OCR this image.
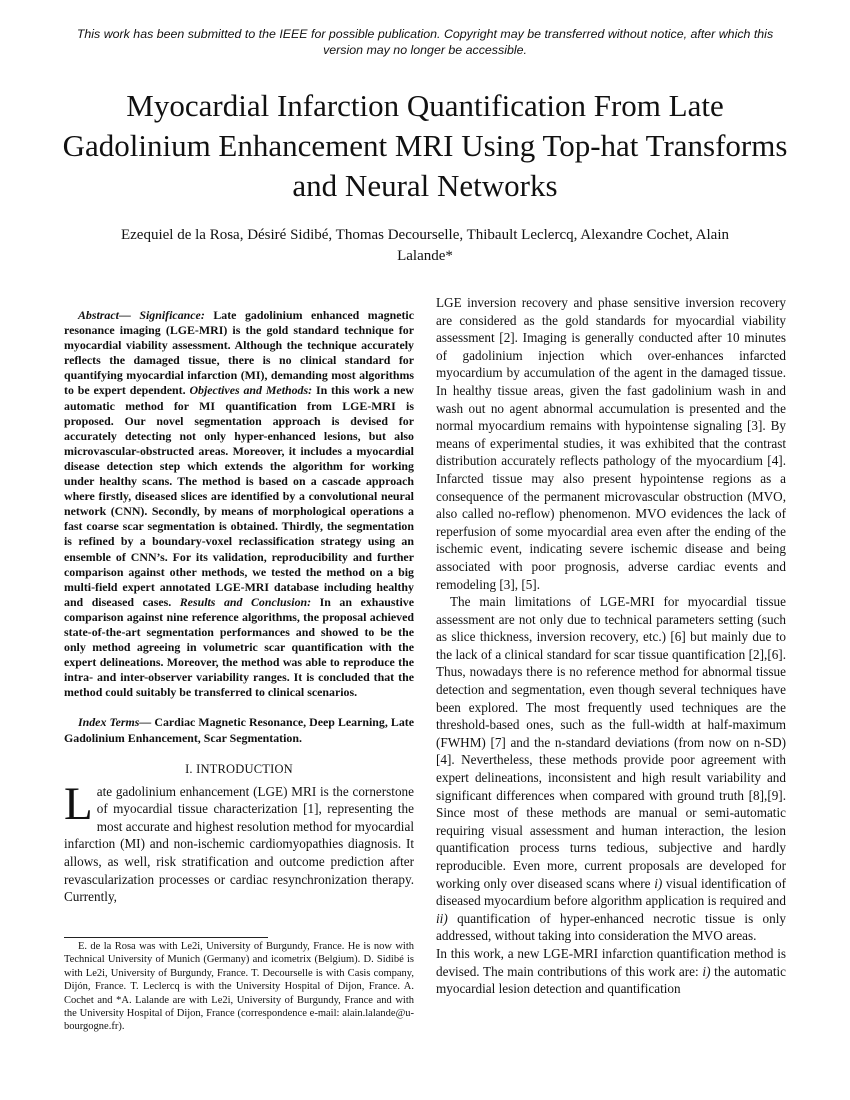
This work has been submitted to the IEEE for possible publication. Copyright may be transferred without notice, after which this version may no longer be accessible.
Myocardial Infarction Quantification From Late Gadolinium Enhancement MRI Using Top-hat Transforms and Neural Networks
Ezequiel de la Rosa, Désiré Sidibé, Thomas Decourselle, Thibault Leclercq, Alexandre Cochet, Alain Lalande*

Abstract— Significance: Late gadolinium enhanced magnetic resonance imaging (LGE-MRI) is the gold standard technique for myocardial viability assessment. Although the technique accurately reflects the damaged tissue, there is no clinical standard for quantifying myocardial infarction (MI), demanding most algorithms to be expert dependent. Objectives and Methods: In this work a new automatic method for MI quantification from LGE-MRI is proposed. Our novel segmentation approach is devised for accurately detecting not only hyper-enhanced lesions, but also microvascular-obstructed areas. Moreover, it includes a myocardial disease detection step which extends the algorithm for working under healthy scans. The method is based on a cascade approach where firstly, diseased slices are identified by a convolutional neural network (CNN). Secondly, by means of morphological operations a fast coarse scar segmentation is obtained. Thirdly, the segmentation is refined by a boundary-voxel reclassification strategy using an ensemble of CNN’s. For its validation, reproducibility and further comparison against other methods, we tested the method on a big multi-field expert annotated LGE-MRI database including healthy and diseased cases. Results and Conclusion: In an exhaustive comparison against nine reference algorithms, the proposal achieved state-of-the-art segmentation performances and showed to be the only method agreeing in volumetric scar quantification with the expert delineations. Moreover, the method was able to reproduce the intra- and inter-observer variability ranges. It is concluded that the method could suitably be transferred to clinical scenarios.

Index Terms— Cardiac Magnetic Resonance, Deep Learning, Late Gadolinium Enhancement, Scar Segmentation.

I. INTRODUCTION

Late gadolinium enhancement (LGE) MRI is the cornerstone of myocardial tissue characterization [1], representing the most accurate and highest resolution method for myocardial infarction (MI) and non-ischemic cardiomyopathies diagnosis. It allows, as well, risk stratification and outcome prediction after revascularization processes or cardiac resynchronization therapy. Currently,

E. de la Rosa was with Le2i, University of Burgundy, France. He is now with Technical University of Munich (Germany) and icometrix (Belgium). D. Sidibé is with Le2i, University of Burgundy, France. T. Decourselle is with Casis company, Dijón, France. T. Leclercq is with the University Hospital of Dijon, France. A. Cochet and *A. Lalande are with Le2i, University of Burgundy, France and with the University Hospital of Dijon, France (correspondence e-mail: alain.lalande@u-bourgogne.fr).

LGE inversion recovery and phase sensitive inversion recovery are considered as the gold standards for myocardial viability assessment [2]. Imaging is generally conducted after 10 minutes of gadolinium injection which over-enhances infarcted myocardium by accumulation of the agent in the damaged tissue. In healthy tissue areas, given the fast gadolinium wash in and wash out no agent abnormal accumulation is presented and the normal myocardium remains with hypointense signaling [3]. By means of experimental studies, it was exhibited that the contrast distribution accurately reflects pathology of the myocardium [4]. Infarcted tissue may also present hypointense regions as a consequence of the permanent microvascular obstruction (MVO, also called no-reflow) phenomenon. MVO evidences the lack of reperfusion of some myocardial area even after the ending of the ischemic event, indicating severe ischemic disease and being associated with poor prognosis, adverse cardiac events and remodeling [3], [5].

The main limitations of LGE-MRI for myocardial tissue assessment are not only due to technical parameters setting (such as slice thickness, inversion recovery, etc.) [6] but mainly due to the lack of a clinical standard for scar tissue quantification [2],[6]. Thus, nowadays there is no reference method for abnormal tissue detection and segmentation, even though several techniques have been explored. The most frequently used techniques are the threshold-based ones, such as the full-width at half-maximum (FWHM) [7] and the n-standard deviations (from now on n-SD) [4]. Nevertheless, these methods provide poor agreement with expert delineations, inconsistent and high result variability and significant differences when compared with ground truth [8],[9]. Since most of these methods are manual or semi-automatic requiring visual assessment and human interaction, the lesion quantification process turns tedious, subjective and hardly reproducible. Even more, current proposals are developed for working only over diseased scans where i) visual identification of diseased myocardium before algorithm application is required and ii) quantification of hyper-enhanced necrotic tissue is only addressed, without taking into consideration the MVO areas.

In this work, a new LGE-MRI infarction quantification method is devised. The main contributions of this work are: i) the automatic myocardial lesion detection and quantification
